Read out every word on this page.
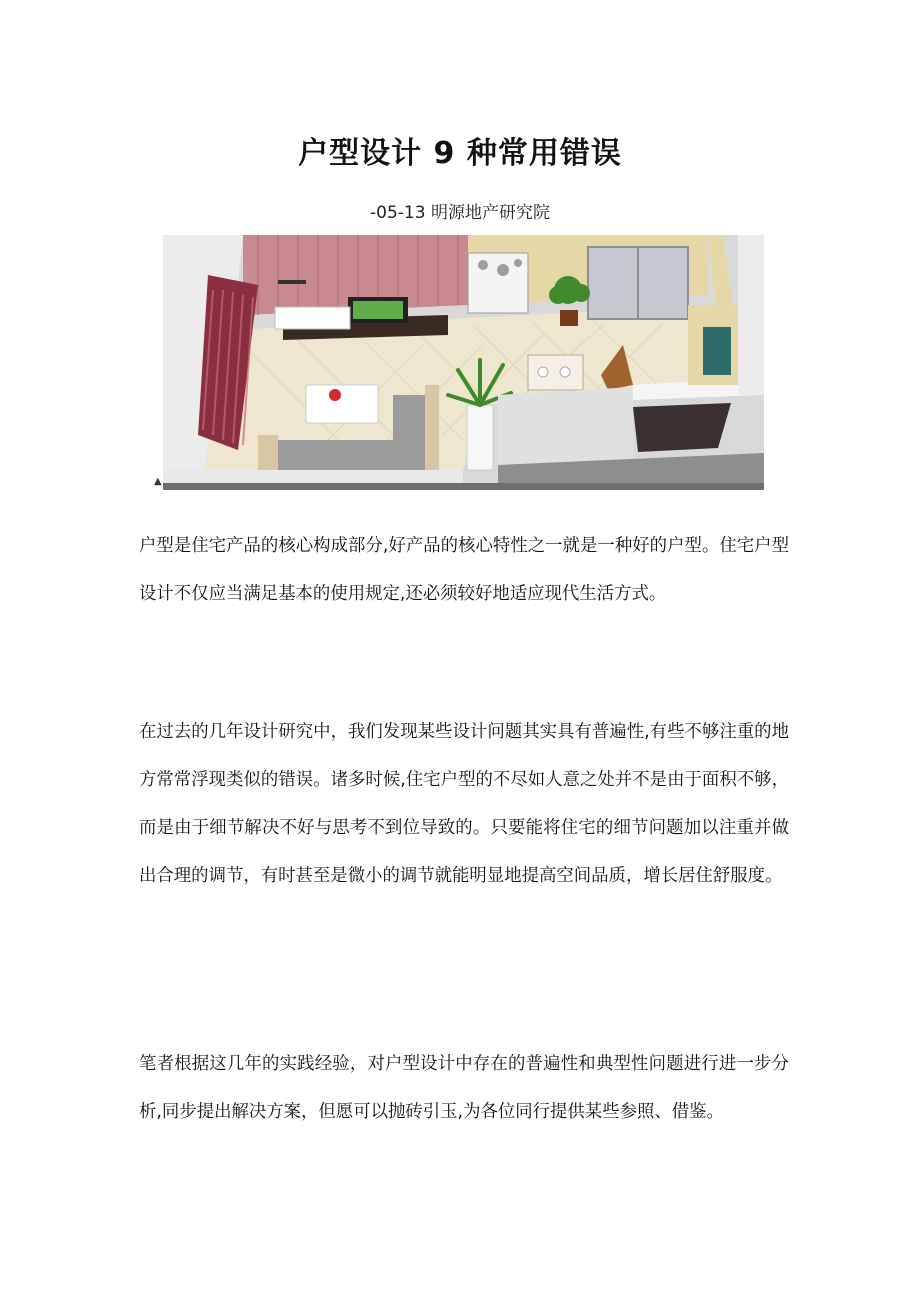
户型设计 9 种常用错误
-05-13 明源地产研究院
▲

户型是住宅产品的核心构成部分,好产品的核心特性之一就是一种好的户型。住宅户型设计不仅应当满足基本的使用规定,还必须较好地适应现代生活方式。

在过去的几年设计研究中，我们发现某些设计问题其实具有普遍性,有些不够注重的地方常常浮现类似的错误。诸多时候,住宅户型的不尽如人意之处并不是由于面积不够，而是由于细节解决不好与思考不到位导致的。只要能将住宅的细节问题加以注重并做出合理的调节，有时甚至是微小的调节就能明显地提高空间品质，增长居住舒服度。

笔者根据这几年的实践经验，对户型设计中存在的普遍性和典型性问题进行进一步分析,同步提出解决方案，但愿可以抛砖引玉,为各位同行提供某些参照、借鉴。
